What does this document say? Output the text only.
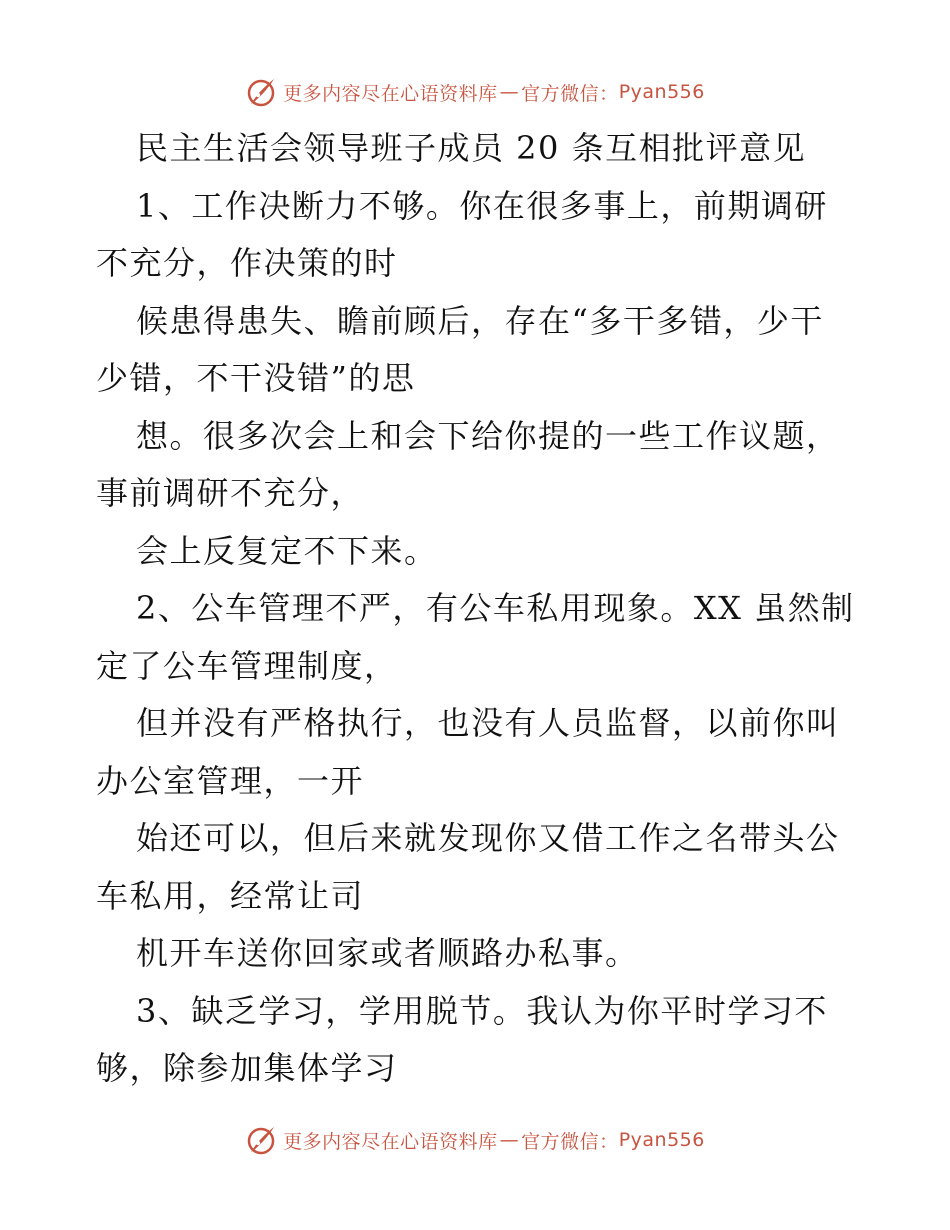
更多内容尽在心语资料库 — 官方微信： Pyan556

民主生活会领导班子成员 20 条互相批评意见

1、工作决断力不够。你在很多事上，前期调研

不充分，作决策的时

候患得患失、瞻前顾后，存在“多干多错，少干

少错，不干没错”的思

想。很多次会上和会下给你提的一些工作议题，

事前调研不充分，

会上反复定不下来。

2、公车管理不严，有公车私用现象。XX 虽然制

定了公车管理制度，

但并没有严格执行，也没有人员监督，以前你叫

办公室管理，一开

始还可以，但后来就发现你又借工作之名带头公

车私用，经常让司

机开车送你回家或者顺路办私事。

3、缺乏学习，学用脱节。我认为你平时学习不

够，除参加集体学习

更多内容尽在心语资料库 — 官方微信： Pyan556
